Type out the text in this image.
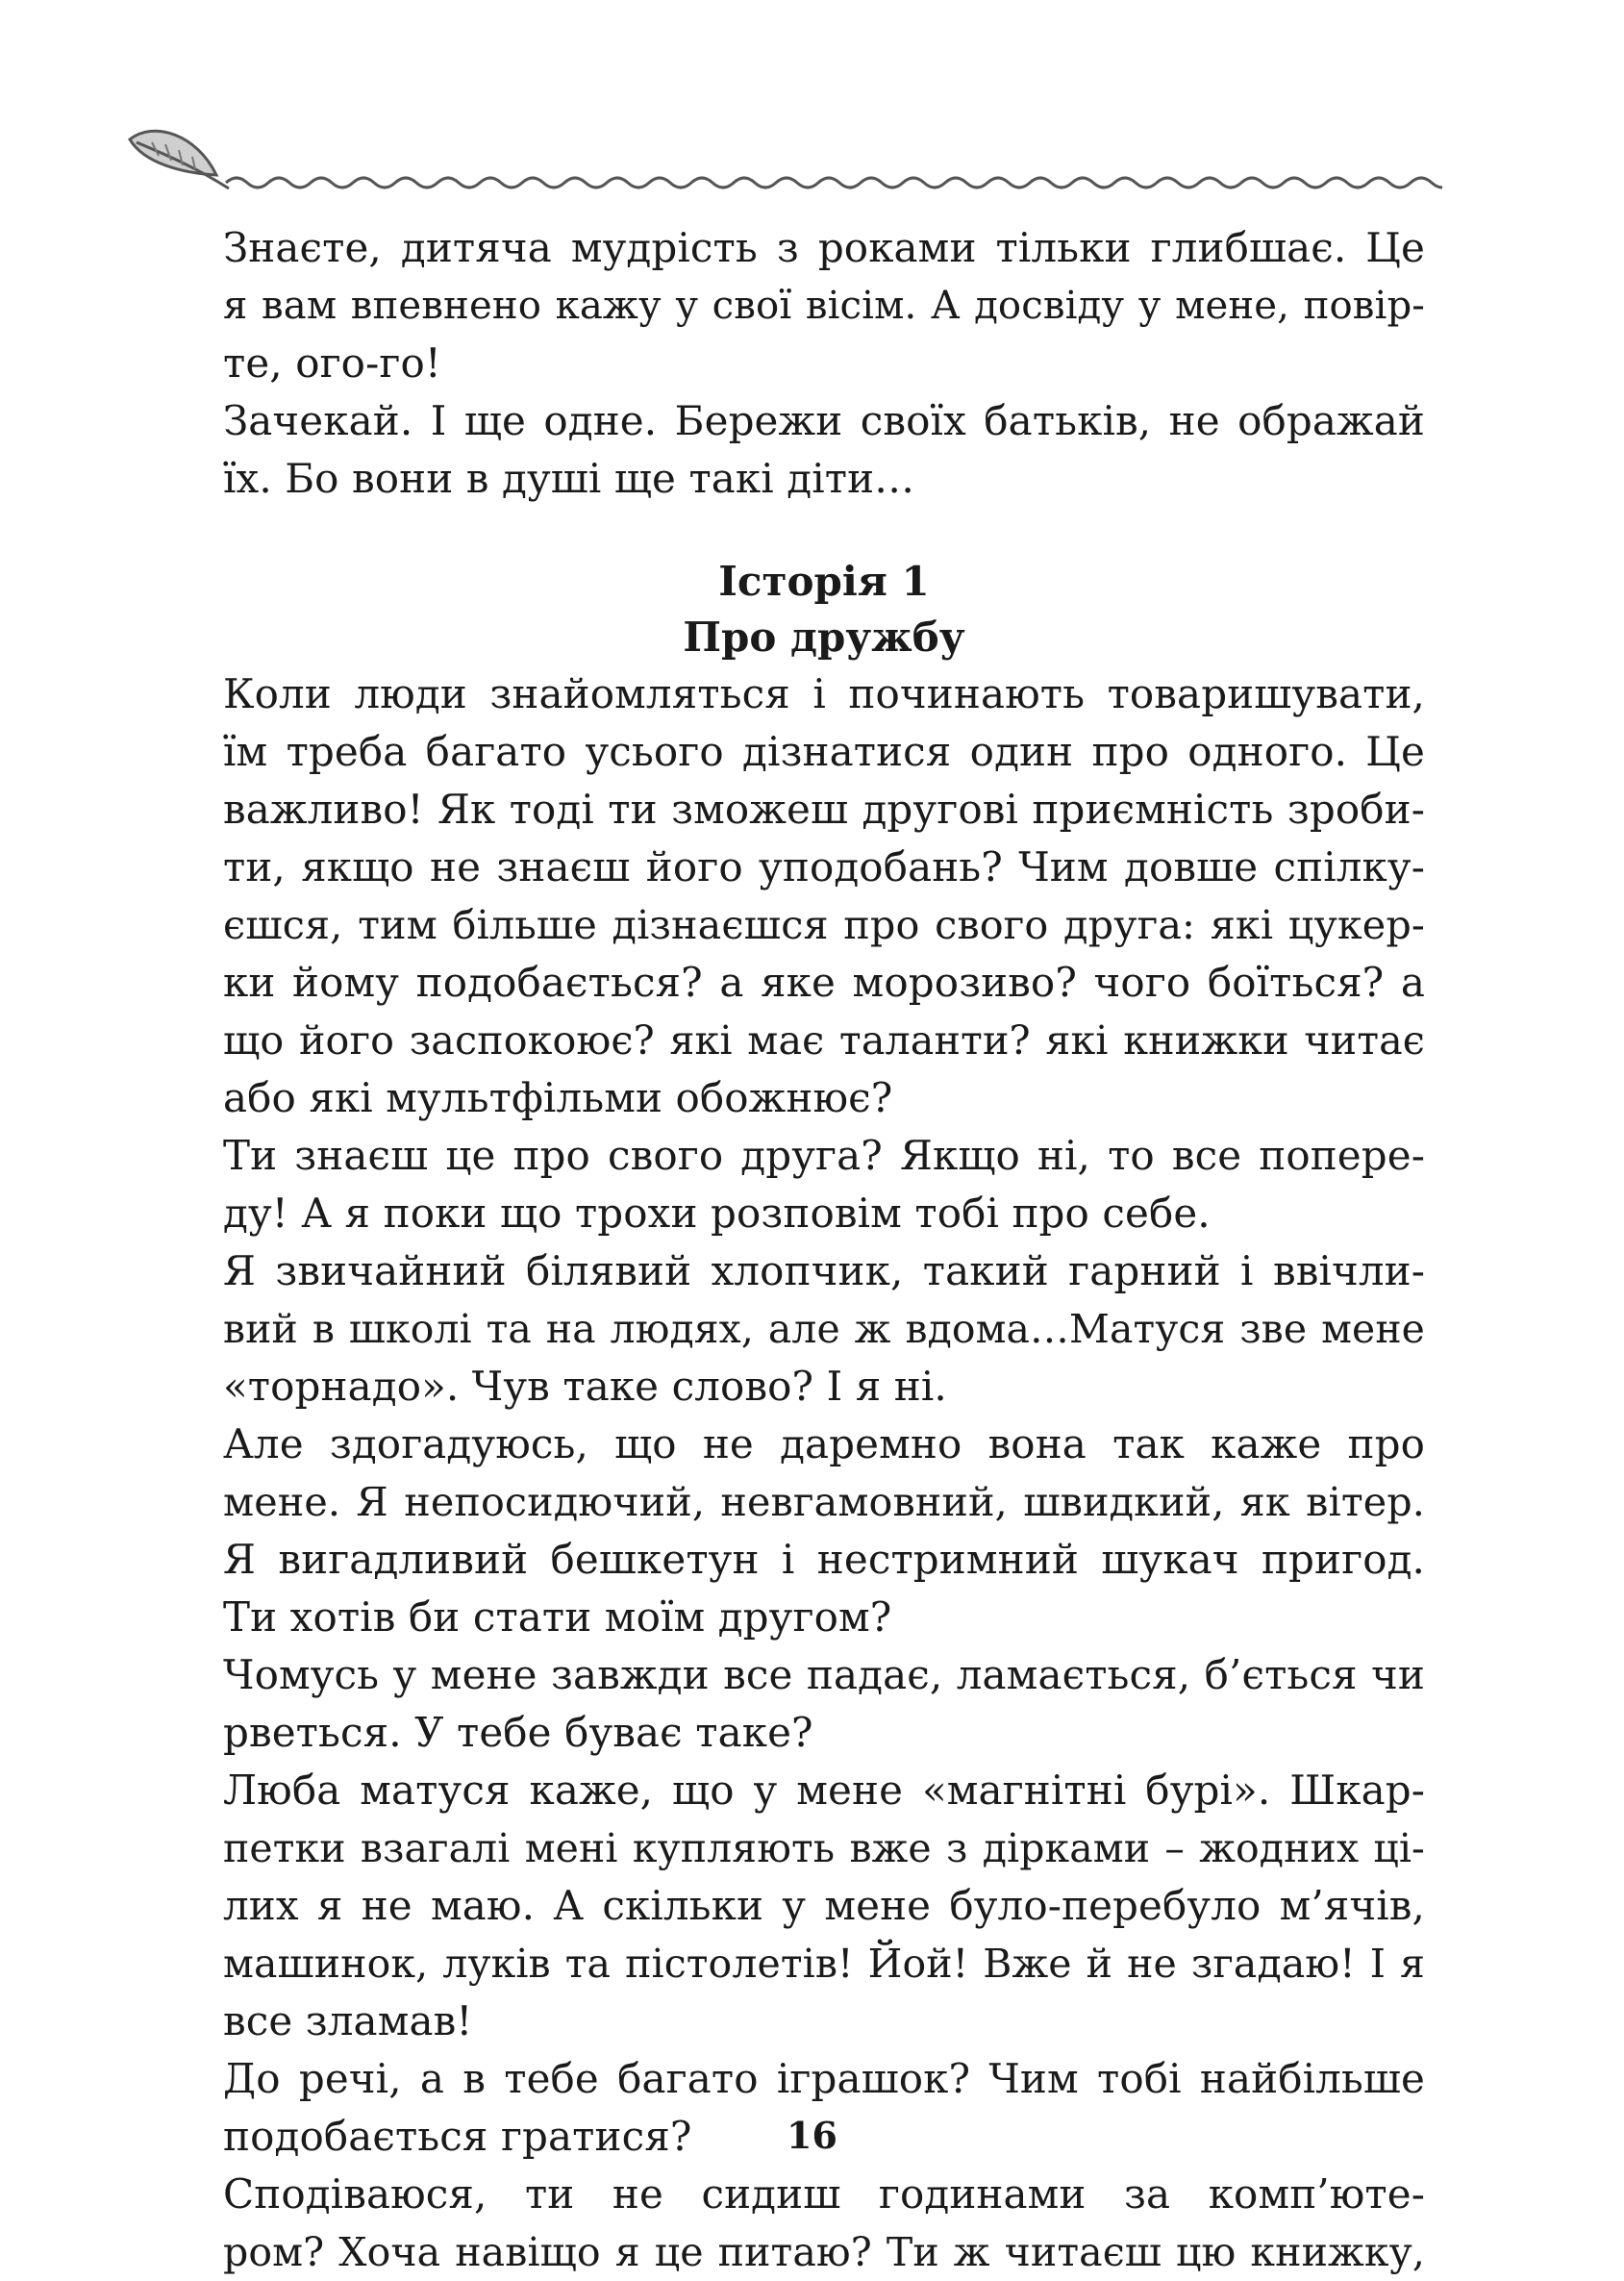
Знаєте, дитяча мудрість з роками тільки глибшає. Це
я вам впевнено кажу у свої вісім. А досвіду у мене, повір-
те, ого-го!
Зачекай. І ще одне. Бережи своїх батьків, не ображай
їх. Бо вони в душі ще такі діти…
Історія 1
Про дружбу
Коли люди знайомляться і починають товаришувати,
їм треба багато усього дізнатися один про одного. Це
важливо! Як тоді ти зможеш другові приємність зроби-
ти, якщо не знаєш його уподобань? Чим довше спілку-
єшся, тим більше дізнаєшся про свого друга: які цукер-
ки йому подобається? а яке морозиво? чого боїться? а
що його заспокоює? які має таланти? які книжки читає
або які мультфільми обожнює?
Ти знаєш це про свого друга? Якщо ні, то все попере-
ду! А я поки що трохи розповім тобі про себе.
Я звичайний білявий хлопчик, такий гарний і ввічли-
вий в школі та на людях, але ж вдома…Матуся зве мене
«торнадо». Чув таке слово? І я ні.
Але здогадуюсь, що не даремно вона так каже про
мене. Я непосидючий, невгамовний, швидкий, як вітер.
Я вигадливий бешкетун і нестримний шукач пригод.
Ти хотів би стати моїм другом?
Чомусь у мене завжди все падає, ламається, б’ється чи
рветься. У тебе буває таке?
Люба матуся каже, що у мене «магнітні бурі». Шкар-
петки взагалі мені купляють вже з дірками – жодних ці-
лих я не маю. А скільки у мене було-перебуло м’ячів,
машинок, луків та пістолетів! Йой! Вже й не згадаю! І я
все зламав!
До речі, а в тебе багато іграшок? Чим тобі найбільше
подобається гратися?
Сподіваюся, ти не сидиш годинами за комп’ютe-
ром? Хоча навіщо я це питаю? Ти ж читаєш цю книжку,
16
